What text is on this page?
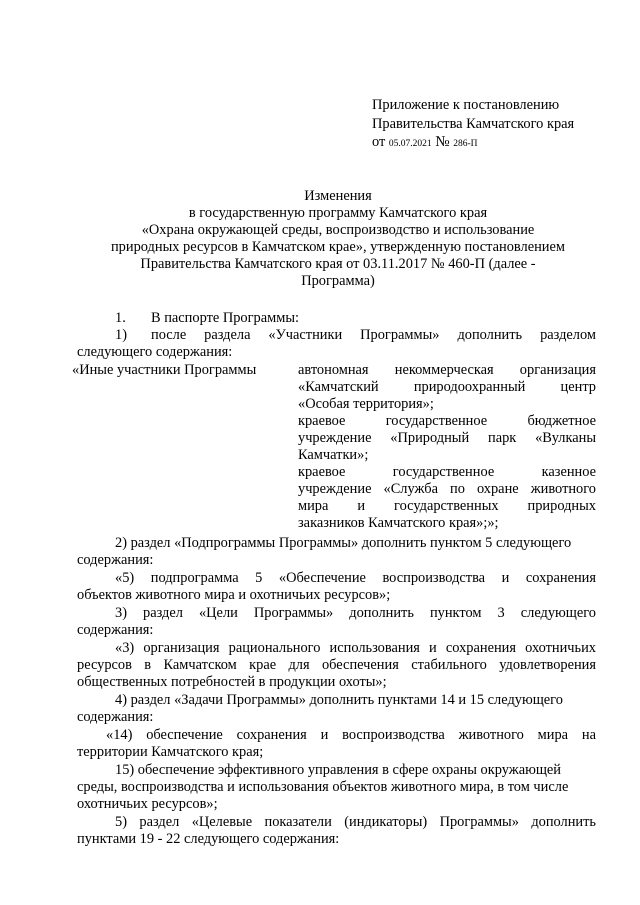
Приложение к постановлению
Правительства Камчатского края
от 05.07.2021 № 286-П
Изменения
в государственную программу Камчатского края
«Охрана окружающей среды, воспроизводство и использование
природных ресурсов в Камчатском крае», утвержденную постановлением
Правительства Камчатского края от 03.11.2017 № 460-П (далее -
Программа)
1. В паспорте Программы:
1) после раздела «Участники Программы» дополнить разделом
следующего содержания:
«Иные участники Программы	автономная некоммерческая организация
«Камчатский природоохранный центр
«Особая территория»;
краевое государственное бюджетное
учреждение «Природный парк «Вулканы
Камчатки»;
краевое государственное казенное
учреждение «Служба по охране животного
мира и государственных природных
заказников Камчатского края»;»;
2) раздел «Подпрограммы Программы» дополнить пунктом 5 следующего
содержания:
«5) подпрограмма 5 «Обеспечение воспроизводства и сохранения
объектов животного мира и охотничьих ресурсов»;
3) раздел «Цели Программы» дополнить пунктом 3 следующего
содержания:
«3) организация рационального использования и сохранения охотничьих
ресурсов в Камчатском крае для обеспечения стабильного удовлетворения
общественных потребностей в продукции охоты»;
4) раздел «Задачи Программы» дополнить пунктами 14 и 15 следующего
содержания:
«14) обеспечение сохранения и воспроизводства животного мира на
территории Камчатского края;
15) обеспечение эффективного управления в сфере охраны окружающей
среды, воспроизводства и использования объектов животного мира, в том числе
охотничьих ресурсов»;
5) раздел «Целевые показатели (индикаторы) Программы» дополнить
пунктами 19 - 22 следующего содержания:
